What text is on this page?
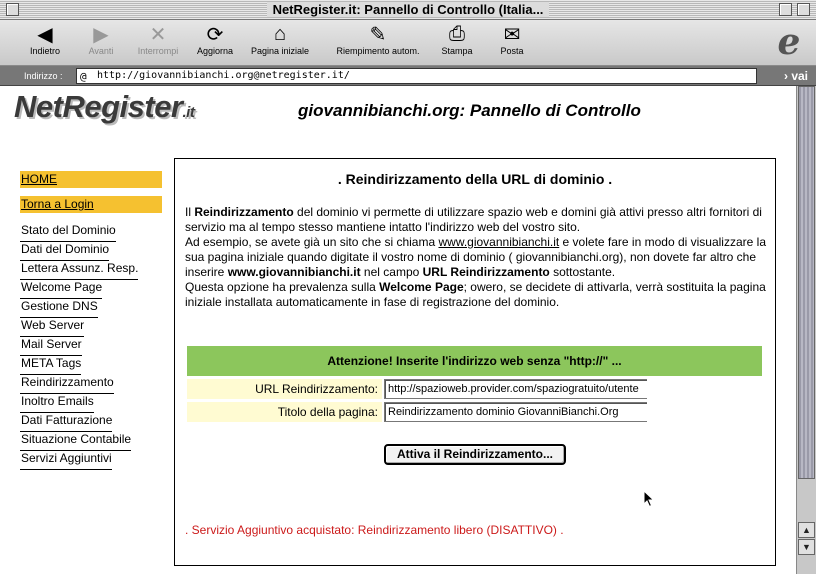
NetRegister.it: Pannello di Controllo (Italia...
◀
Indietro
▶
Avanti
✕
Interrompi
⟳
Aggiorna
⌂
Pagina iniziale
✎
Riempimento autom.
⎙
Stampa
✉
Posta	e
Indirizzo :	@ http://giovannibianchi.org@netregister.it/	› vai
NetRegister.it	giovannibianchi.org: Pannello di Controllo
HOME
Torna a Login
Stato del Dominio
Dati del Dominio
Lettera Assunz. Resp.
Welcome Page
Gestione DNS
Web Server
Mail Server
META Tags
Reindirizzamento
Inoltro Emails
Dati Fatturazione
Situazione Contabile
Servizi Aggiuntivi
. Reindirizzamento della URL di dominio .
Il Reindirizzamento del dominio vi permette di utilizzare spazio web e domini già attivi presso altri fornitori di servizio ma al tempo stesso mantiene intatto l'indirizzo web del vostro sito.
Ad esempio, se avete già un sito che si chiama www.giovannibianchi.it e volete fare in modo di visualizzare la sua pagina iniziale quando digitate il vostro nome di dominio ( giovannibianchi.org), non dovete far altro che inserire www.giovannibianchi.it nel campo URL Reindirizzamento sottostante.
Questa opzione ha prevalenza sulla Welcome Page; owero, se decidete di attivarla, verrà sostituita la pagina iniziale installata automaticamente in fase di registrazione del dominio.
Attenzione! Inserite l'indirizzo web senza "http://" ...
URL Reindirizzamento: http://spazioweb.provider.com/spaziogratuito/utente
Titolo della pagina: Reindirizzamento dominio GiovanniBianchi.Org
Attiva il Reindirizzamento...
. Servizio Aggiuntivo acquistato: Reindirizzamento libero (DISATTIVO) .	▲
▼
